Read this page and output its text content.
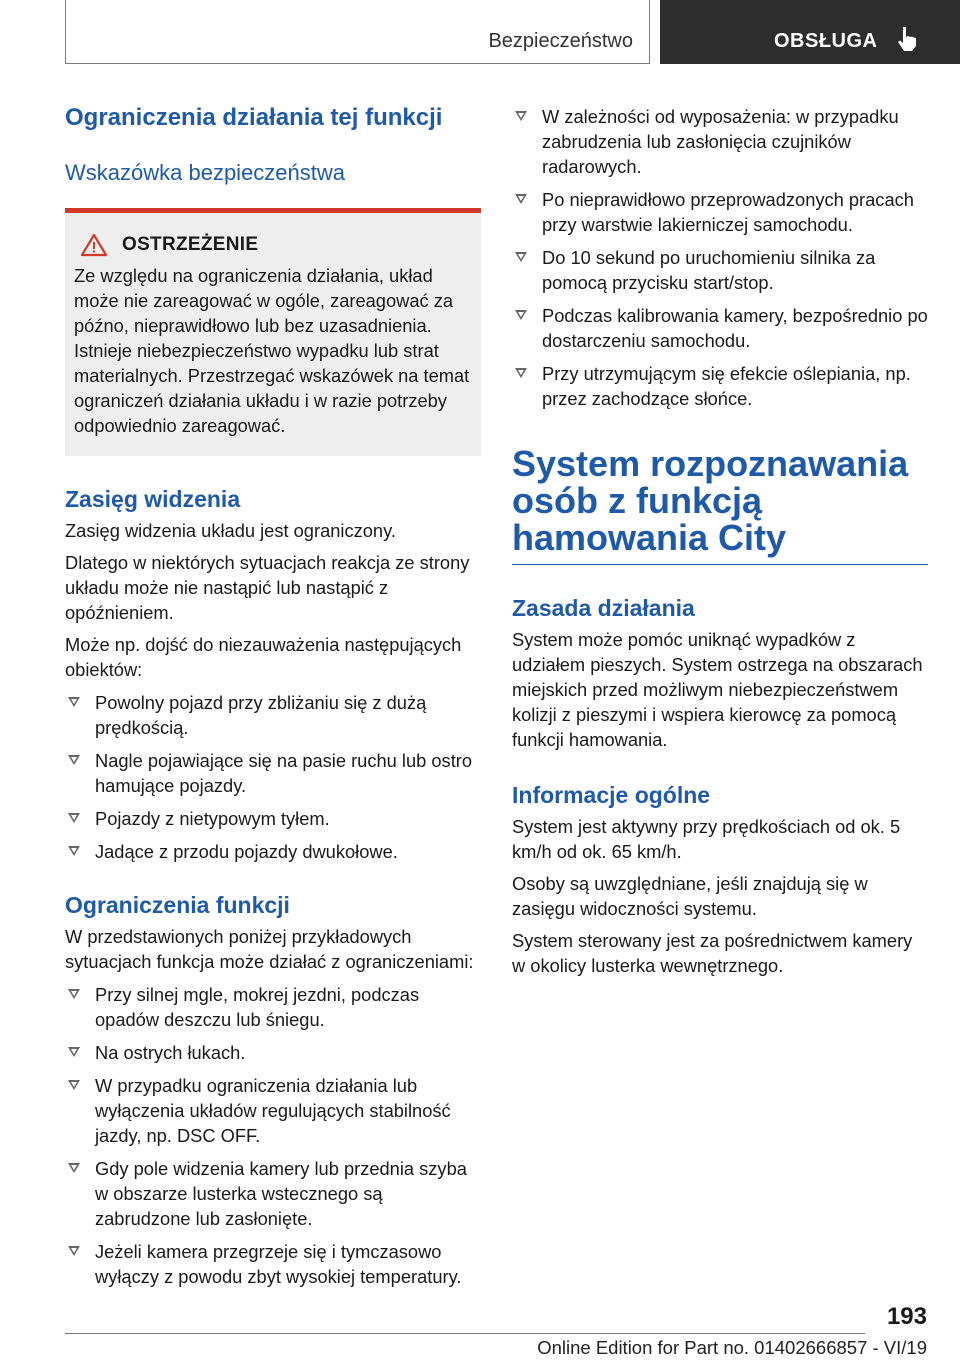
Bezpieczeństwo	OBSŁUGA
Ograniczenia działania tej funkcji
Wskazówka bezpieczeństwa
OSTRZEŻENIE

Ze względu na ograniczenia działania, układ może nie zareagować w ogóle, zareagować za późno, nieprawidłowo lub bez uzasadnienia. Istnieje niebezpieczeństwo wypadku lub strat materialnych. Przestrzegać wskazówek na temat ograniczeń działania układu i w razie potrzeby odpowiednio zareagować.

Zasięg widzenia

Zasięg widzenia układu jest ograniczony.

Dlatego w niektórych sytuacjach reakcja ze strony układu może nie nastąpić lub nastąpić z opóźnieniem.

Może np. dojść do niezauważenia następujących obiektów:

Powolny pojazd przy zbliżaniu się z dużą prędkością.
Nagle pojawiające się na pasie ruchu lub ostro hamujące pojazdy.
Pojazdy z nietypowym tyłem.
Jadące z przodu pojazdy dwukołowe.
Ograniczenia funkcji

W przedstawionych poniżej przykładowych sytuacjach funkcja może działać z ograniczeniami:

Przy silnej mgle, mokrej jezdni, podczas opadów deszczu lub śniegu.
Na ostrych łukach.
W przypadku ograniczenia działania lub wyłączenia układów regulujących stabilność jazdy, np. DSC OFF.
Gdy pole widzenia kamery lub przednia szyba w obszarze lusterka wstecznego są zabrudzone lub zasłonięte.
Jeżeli kamera przegrzeje się i tymczasowo wyłączy z powodu zbyt wysokiej temperatury.
W zależności od wyposażenia: w przypadku zabrudzenia lub zasłonięcia czujników radarowych.
Po nieprawidłowo przeprowadzonych pracach przy warstwie lakierniczej samochodu.
Do 10 sekund po uruchomieniu silnika za pomocą przycisku start/stop.
Podczas kalibrowania kamery, bezpośrednio po dostarczeniu samochodu.
Przy utrzymującym się efekcie oślepiania, np. przez zachodzące słońce.
System rozpoznawania osób z funkcją hamowania City
Zasada działania

System może pomóc uniknąć wypadków z udziałem pieszych. System ostrzega na obszarach miejskich przed możliwym niebezpieczeństwem kolizji z pieszymi i wspiera kierowcę za pomocą funkcji hamowania.

Informacje ogólne

System jest aktywny przy prędkościach od ok. 5 km/h od ok. 65 km/h.

Osoby są uwzględniane, jeśli znajdują się w zasięgu widoczności systemu.

System sterowany jest za pośrednictwem kamery w okolicy lusterka wewnętrznego.

193
Online Edition for Part no. 01402666857 - VI/19
